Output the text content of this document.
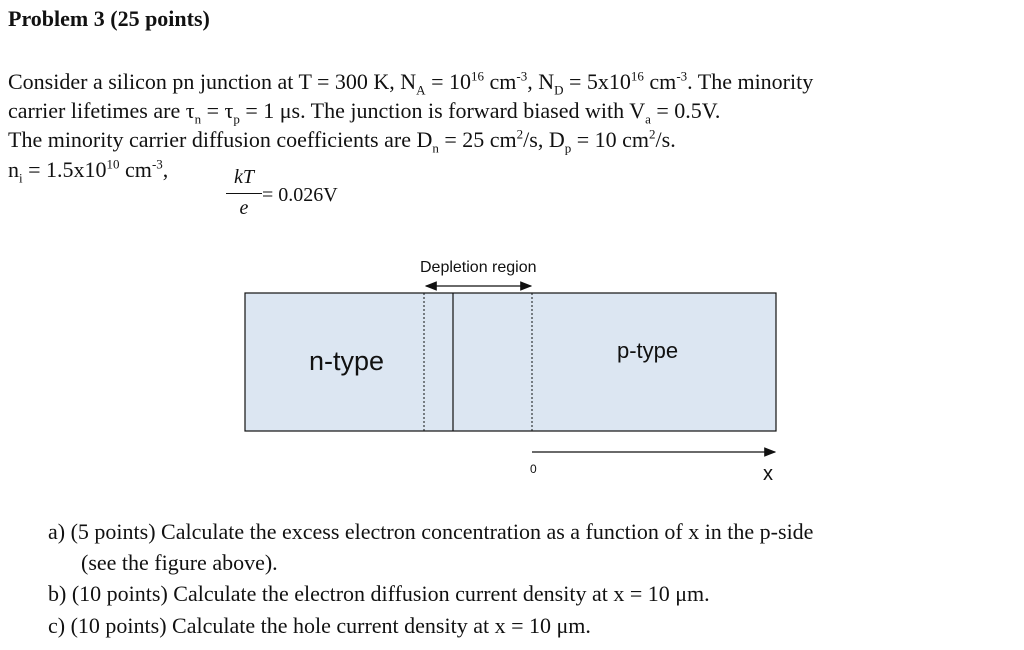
Problem 3 (25 points)
Consider a silicon pn junction at T = 300 K, $N_A = 10^{16}$ $cm^{-3}$, $N_D = 5x10^{16}$ $cm^{-3}$. The minority
carrier lifetimes are $\tau_n = \tau_p = 1$ μs. The junction is forward biased with $V_a = 0.5V$.
The minority carrier diffusion coefficients are $D_n = 25$ $cm^2/s$, $D_p = 10$ $cm^2/s$.
$n_i = 1.5x10^{10}$ $cm^{-3}$,	kT
e
= 0.026V
Depletion region
n-type	p-type
0	x
a) (5 points) Calculate the excess electron concentration as a function of x in the p-side
(see the figure above).
b) (10 points) Calculate the electron diffusion current density at x = 10 μm.
c) (10 points) Calculate the hole current density at x = 10 μm.
